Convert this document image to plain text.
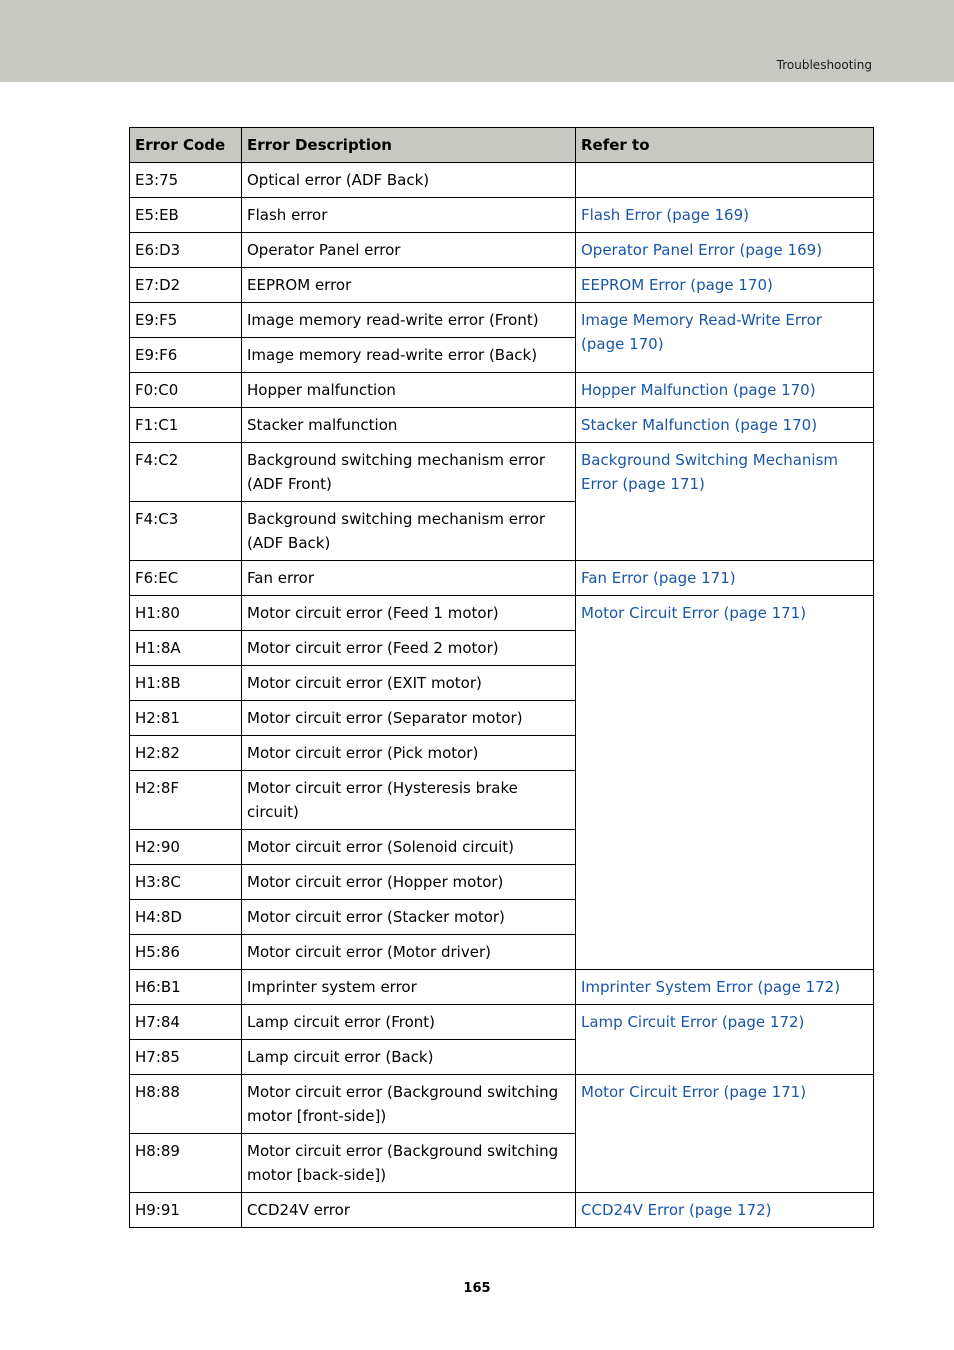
Troubleshooting
Error Code	Error Description	Refer to
E3:75	Optical error (ADF Back)	
E5:EB	Flash error	Flash Error (page 169)
E6:D3	Operator Panel error	Operator Panel Error (page 169)
E7:D2	EEPROM error	EEPROM Error (page 170)
E9:F5	Image memory read-write error (Front)	Image Memory Read-Write Error (page 170)
E9:F6	Image memory read-write error (Back)	
F0:C0	Hopper malfunction	Hopper Malfunction (page 170)
F1:C1	Stacker malfunction	Stacker Malfunction (page 170)
F4:C2	Background switching mechanism error (ADF Front)	Background Switching Mechanism Error (page 171)
F4:C3	Background switching mechanism error (ADF Back)	
F6:EC	Fan error	Fan Error (page 171)
H1:80	Motor circuit error (Feed 1 motor)	Motor Circuit Error (page 171)
H1:8A	Motor circuit error (Feed 2 motor)	
H1:8B	Motor circuit error (EXIT motor)	
H2:81	Motor circuit error (Separator motor)	
H2:82	Motor circuit error (Pick motor)	
H2:8F	Motor circuit error (Hysteresis brake circuit)	
H2:90	Motor circuit error (Solenoid circuit)	
H3:8C	Motor circuit error (Hopper motor)	
H4:8D	Motor circuit error (Stacker motor)	
H5:86	Motor circuit error (Motor driver)	
H6:B1	Imprinter system error	Imprinter System Error (page 172)
H7:84	Lamp circuit error (Front)	Lamp Circuit Error (page 172)
H7:85	Lamp circuit error (Back)	
H8:88	Motor circuit error (Background switching motor [front-side])	Motor Circuit Error (page 171)
H8:89	Motor circuit error (Background switching motor [back-side])	
H9:91	CCD24V error	CCD24V Error (page 172)
165
